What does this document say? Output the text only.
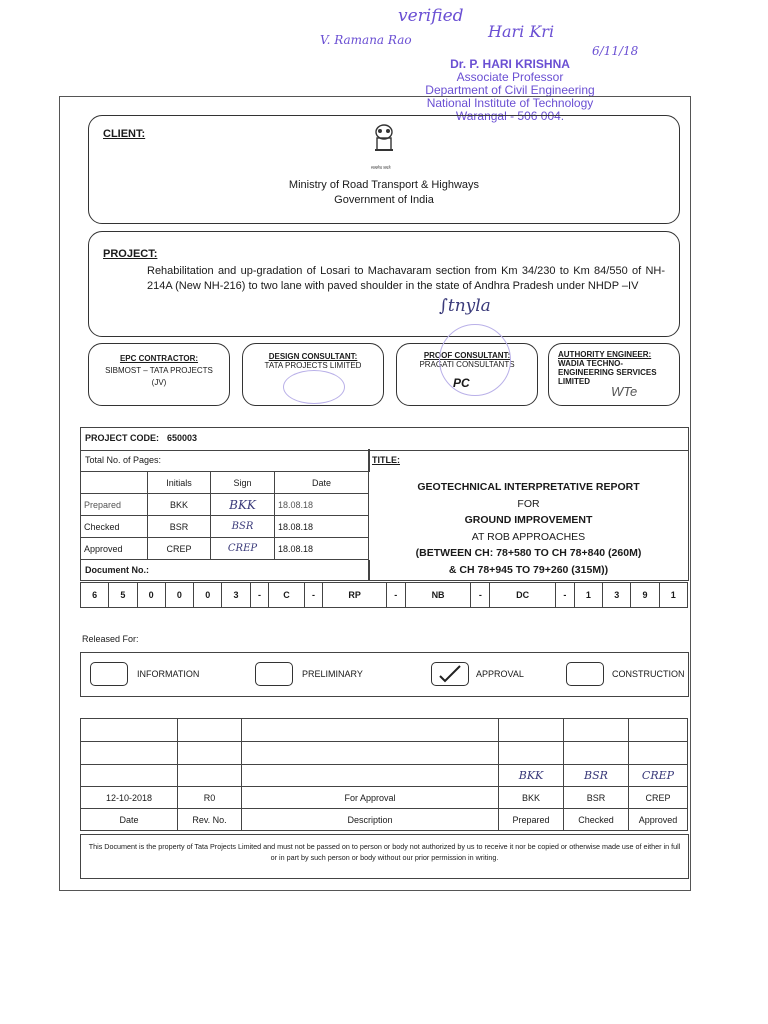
verified
V. Ramana Rao	Hari Kri
6/11/18
Dr. P. HARI KRISHNA
Associate Professor
Department of Civil Engineering
National Institute of Technology
Warangal - 506 004.
CLIENT:
सत्यमेव जयते
Ministry of Road Transport & Highways
Government of India
PROJECT:
Rehabilitation and up-gradation of Losari to Machavaram section from Km 34/230 to Km 84/550 of NH-214A (New NH-216) to two lane with paved shoulder in the state of Andhra Pradesh under NHDP –IV
∫tnyla
EPC CONTRACTOR:
SIBMOST – TATA PROJECTS
(JV)
DESIGN CONSULTANT:
TATA PROJECTS LIMITED
PROOF CONSULTANT:
PRAGATI CONSULTANTS
PC
AUTHORITY ENGINEER:
WADIA TECHNO-
ENGINEERING SERVICES
LIMITED
WTe
PROJECT CODE: 650003
Total No. of Pages:
	Initials	Sign	Date
Prepared	BKK	BKK	18.08.18
Checked	BSR	BSR	18.08.18
Approved	CREP	CREP	18.08.18
Document No.:
TITLE:
GEOTECHNICAL INTERPRETATIVE REPORT
FOR
GROUND IMPROVEMENT
AT ROB APPROACHES
(BETWEEN CH: 78+580 TO CH 78+840 (260M)
& CH 78+945 TO 79+260 (315M))
6	5	0	0	0	3	-	C	-	RP	-	NB	-	DC	-	1	3	9	1
Released For:
INFORMATION	PRELIMINARY	APPROVAL	CONSTRUCTION

			BKK	BSR	CREP
12-10-2018	R0	For Approval	BKK	BSR	CREP
Date	Rev. No.	Description	Prepared	Checked	Approved
This Document is the property of Tata Projects Limited and must not be passed on to person or body not authorized by us to receive it nor be copied or otherwise made use of either in full or in part by such person or body without our prior permission in writing.
